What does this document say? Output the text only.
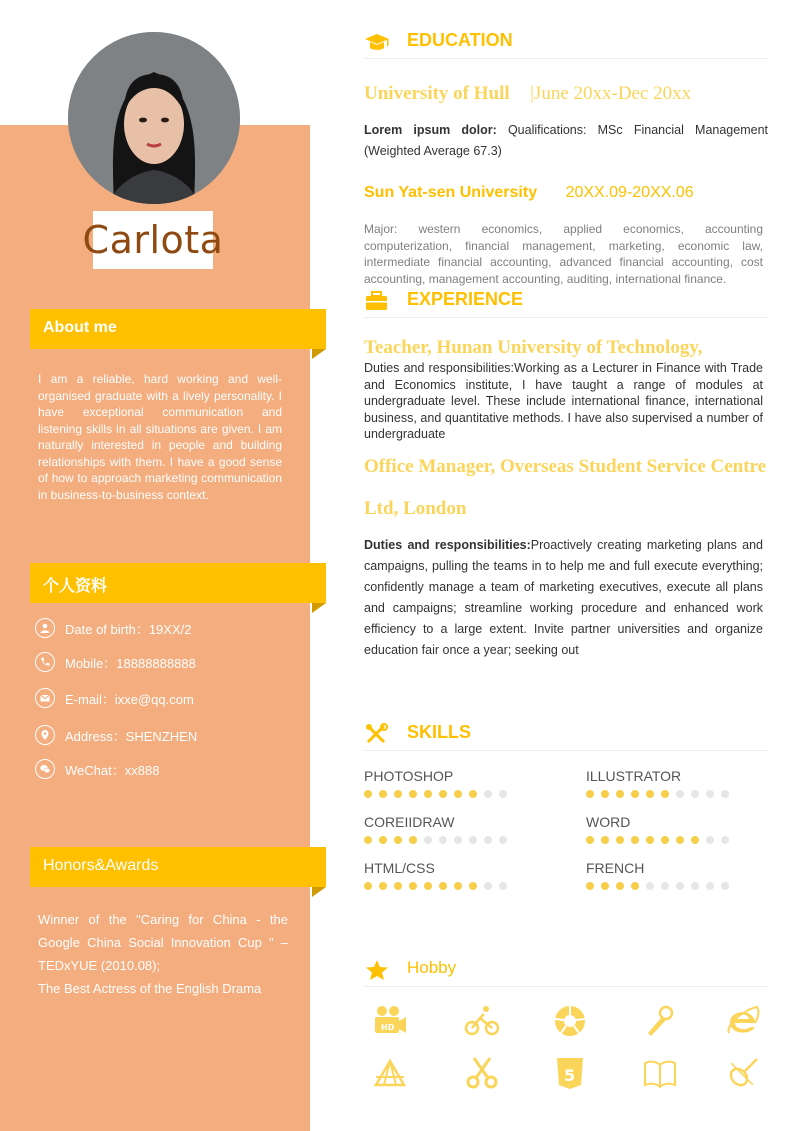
Carlota
About me
I am a reliable, hard working and well-organised graduate with a lively personality. I have exceptional communication and listening skills in all situations are given. I am naturally interested in people and building relationships with them. I have a good sense of how to approach marketing communication in business-to-business context.
个人资料
Date of birth：19XX/2
Mobile：18888888888
E-mail：ixxe@qq.com
Address：SHENZHEN
WeChat：xx888
Honors&Awards
Winner of the "Caring for China - the Google China Social Innovation Cup " – TEDxYUE (2010.08);
The Best Actress of the English Drama
EDUCATION
University of Hull |June 20xx-Dec 20xx
Lorem ipsum dolor: Qualifications: MSc Financial Management (Weighted Average 67.3)
Sun Yat-sen University 20XX.09-20XX.06
Major: western economics, applied economics, accounting computerization, financial management, marketing, economic law, intermediate financial accounting, advanced financial accounting, cost accounting, management accounting, auditing, international finance.
EXPERIENCE
Teacher, Hunan University of Technology,
Duties and responsibilities:Working as a Lecturer in Finance with Trade and Economics institute, I have taught a range of modules at undergraduate level. These include international finance, international business, and quantitative methods. I have also supervised a number of undergraduate
Office Manager, Overseas Student Service Centre
Ltd, London
Duties and responsibilities:Proactively creating marketing plans and campaigns, pulling the teams in to help me and full execute everything; confidently manage a team of marketing executives, execute all plans and campaigns; streamline working procedure and enhanced work efficiency to a large extent. Invite partner universities and organize education fair once a year; seeking out
SKILLS
PHOTOSHOP	ILLUSTRATOR
COREIIDRAW	WORD
HTML/CSS	FRENCH
Hobby
HD
5
